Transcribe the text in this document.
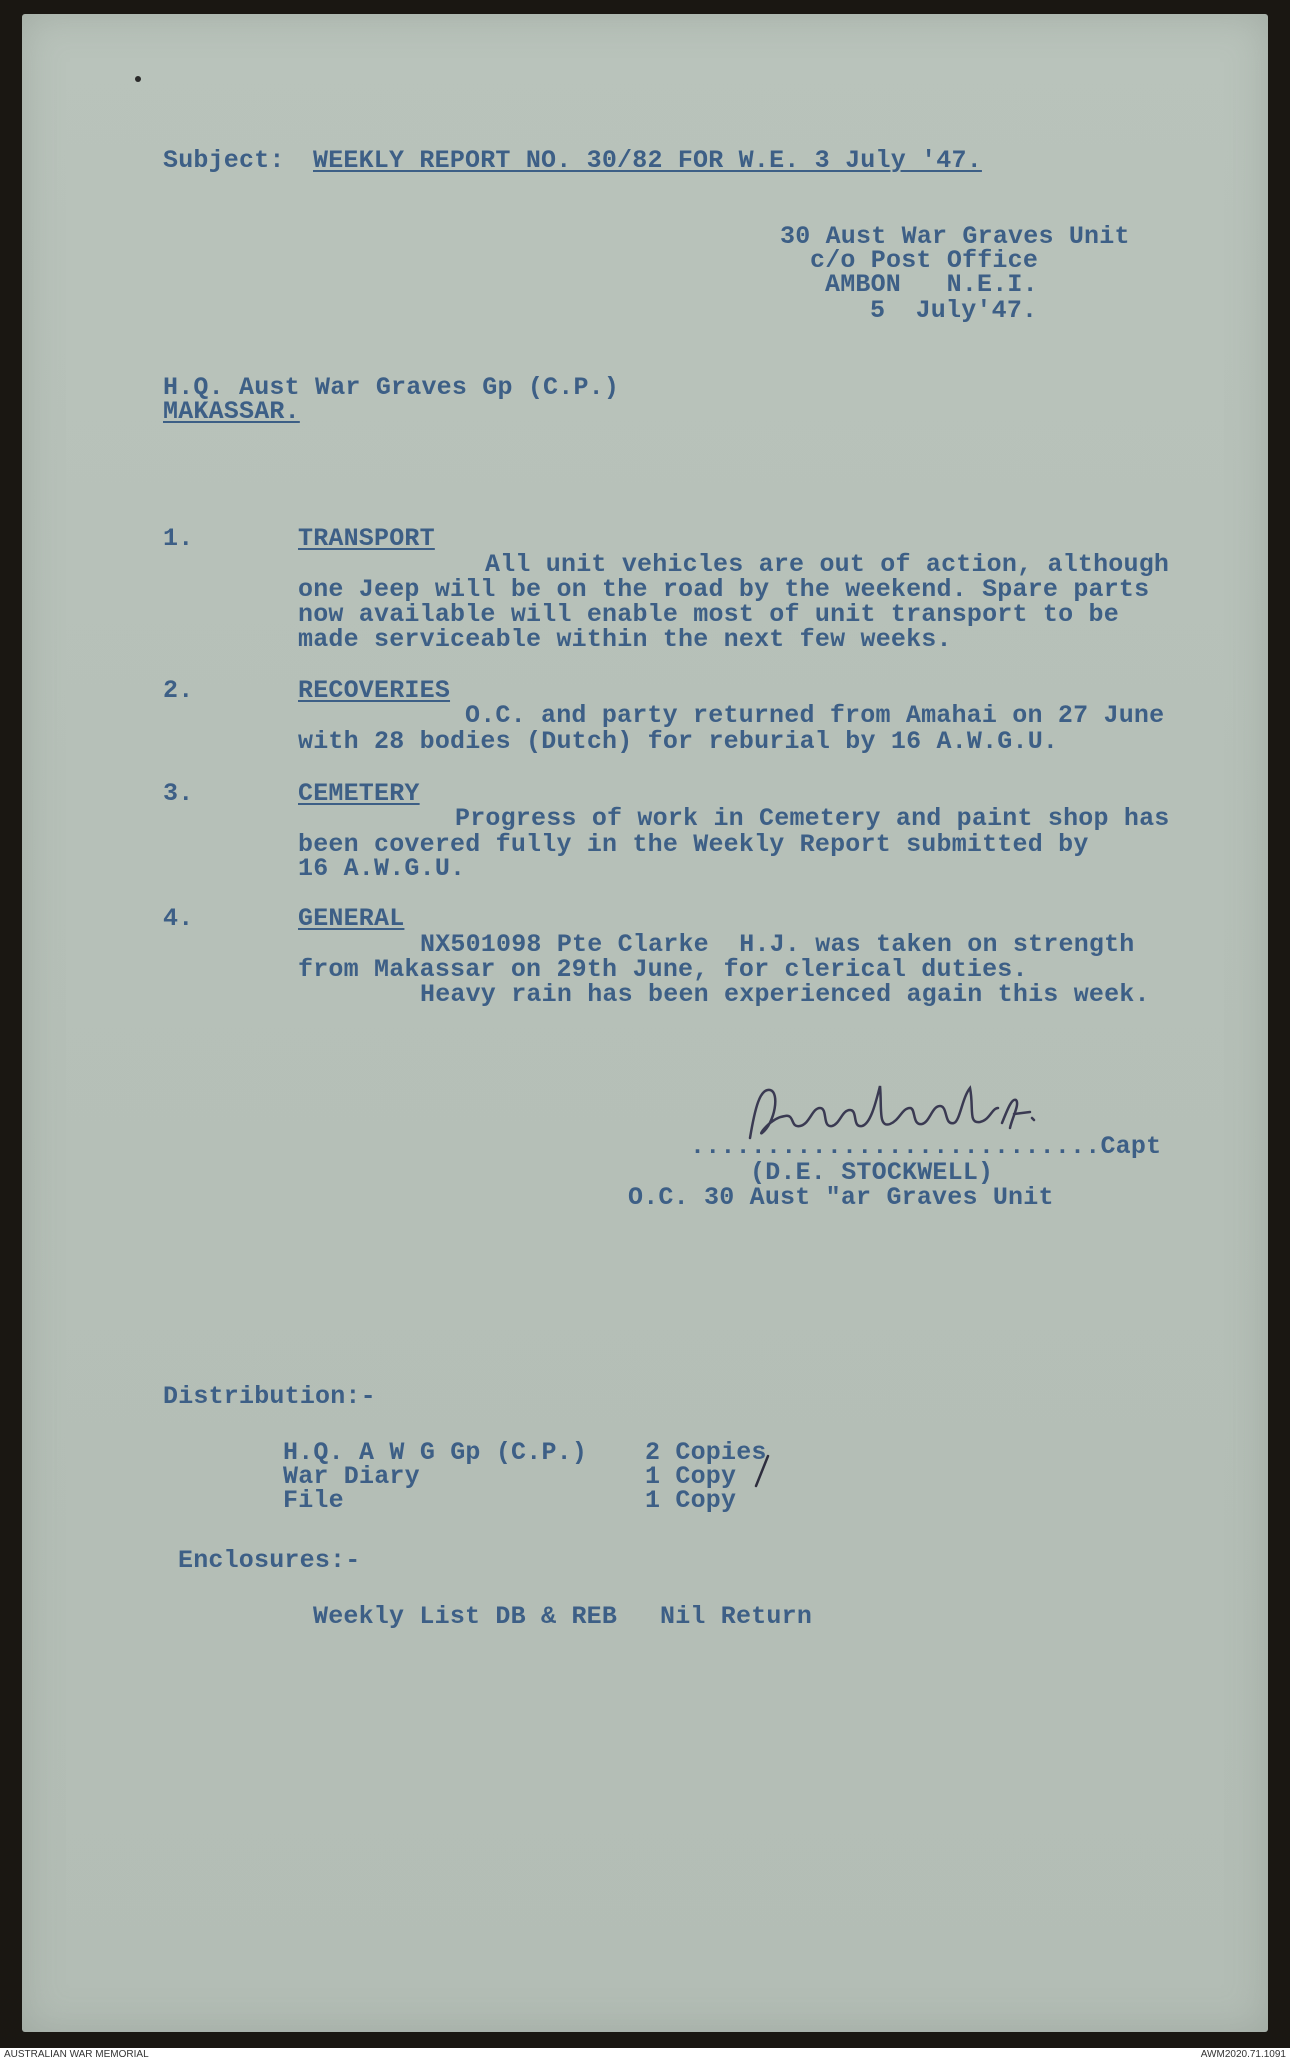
Subject: WEEKLY REPORT NO. 30/82 FOR W.E. 3 July '47.
30 Aust War Graves Unit
c/o Post Office
AMBON   N.E.I.
5  July'47.
H.Q. Aust War Graves Gp (C.P.)
MAKASSAR.
1.	TRANSPORT
All unit vehicles are out of action, although
one Jeep will be on the road by the weekend. Spare parts
now available will enable most of unit transport to be
made serviceable within the next few weeks.
2.	RECOVERIES
O.C. and party returned from Amahai on 27 June
with 28 bodies (Dutch) for reburial by 16 A.W.G.U.
3.	CEMETERY
Progress of work in Cemetery and paint shop has
been covered fully in the Weekly Report submitted by
16 A.W.G.U.
4.	GENERAL
NX501098 Pte Clarke  H.J. was taken on strength
from Makassar on 29th June, for clerical duties.
Heavy rain has been experienced again this week.
...........................Capt
(D.E. STOCKWELL)
O.C. 30 Aust "ar Graves Unit
Distribution:-
H.Q. A W G Gp (C.P.) 2 Copies
War Diary	1 Copy
File	1 Copy
Enclosures:-
Weekly List DB & REB Nil Return
AUSTRALIAN WAR MEMORIAL	AWM2020.71.1091
